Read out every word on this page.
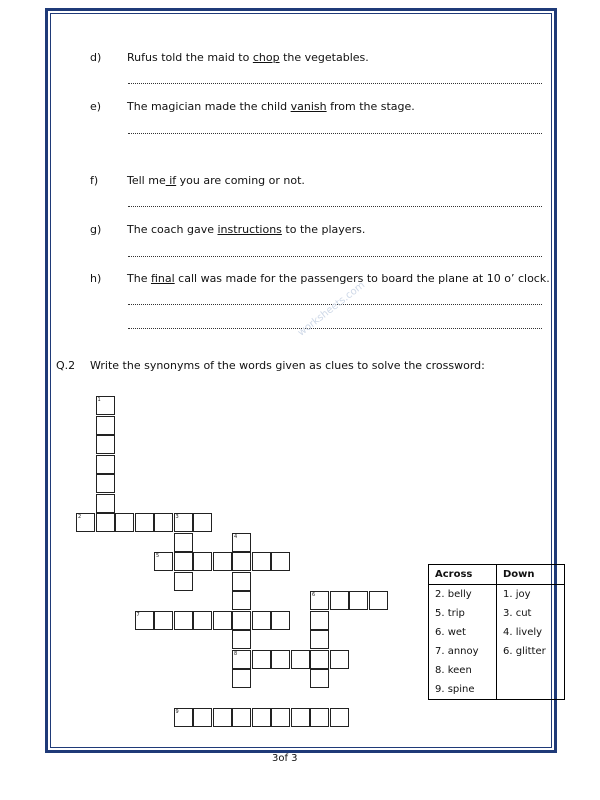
d) Rufus told the maid to chop the vegetables.
e) The magician made the child vanish from the stage.
f)	Tell me if you are coming or not.
g) The coach gave instructions to the players.
h) The final call was made for the passengers to board the plane at 10 o’ clock.
worksheets.com
Q.2 Write the synonyms of the words given as clues to solve the crossword:
1
2	3
4
8
5
6
7
9
Across	Down
2. belly	1. joy
5. trip	3. cut
6. wet	4. lively
7. annoy	6. glitter
8. keen	
9. spine	
3of 3
